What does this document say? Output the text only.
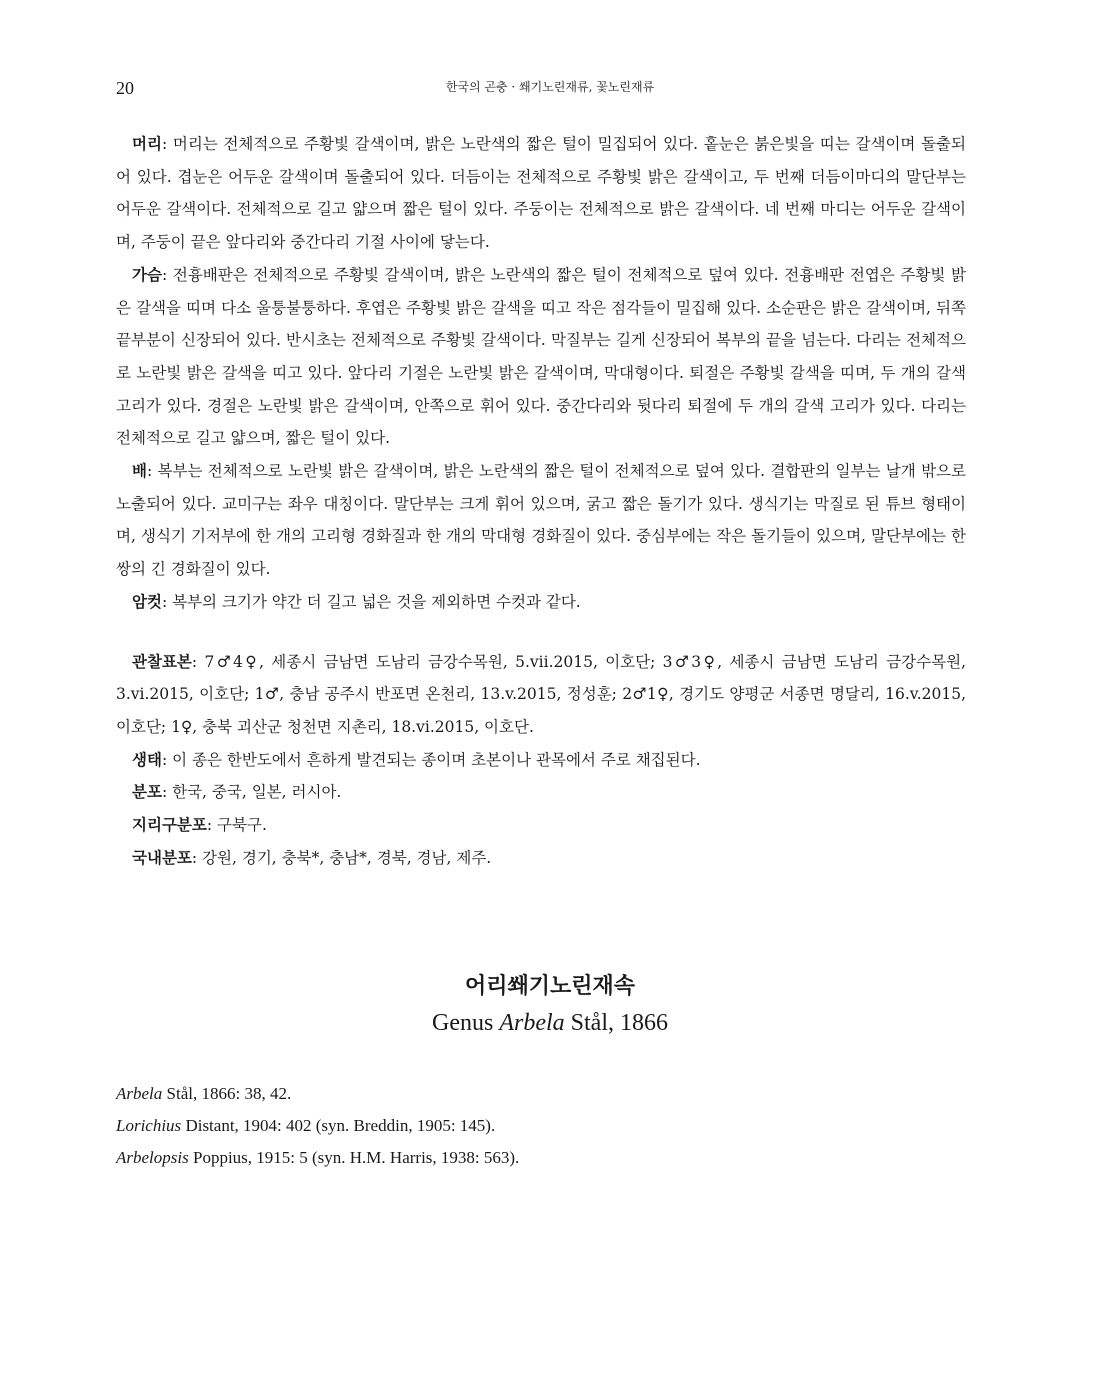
20	한국의 곤충 · 쐐기노린재류, 꽃노린재류

머리: 머리는 전체적으로 주황빛 갈색이며, 밝은 노란색의 짧은 털이 밀집되어 있다. 홑눈은 붉은빛을 띠는 갈색이며 돌출되어 있다. 겹눈은 어두운 갈색이며 돌출되어 있다. 더듬이는 전체적으로 주황빛 밝은 갈색이고, 두 번째 더듬이마디의 말단부는 어두운 갈색이다. 전체적으로 길고 얇으며 짧은 털이 있다. 주둥이는 전체적으로 밝은 갈색이다. 네 번째 마디는 어두운 갈색이며, 주둥이 끝은 앞다리와 중간다리 기절 사이에 닿는다.

가슴: 전흉배판은 전체적으로 주황빛 갈색이며, 밝은 노란색의 짧은 털이 전체적으로 덮여 있다. 전흉배판 전엽은 주황빛 밝은 갈색을 띠며 다소 울퉁불퉁하다. 후엽은 주황빛 밝은 갈색을 띠고 작은 점각들이 밀집해 있다. 소순판은 밝은 갈색이며, 뒤쪽 끝부분이 신장되어 있다. 반시초는 전체적으로 주황빛 갈색이다. 막질부는 길게 신장되어 복부의 끝을 넘는다. 다리는 전체적으로 노란빛 밝은 갈색을 띠고 있다. 앞다리 기절은 노란빛 밝은 갈색이며, 막대형이다. 퇴절은 주황빛 갈색을 띠며, 두 개의 갈색 고리가 있다. 경절은 노란빛 밝은 갈색이며, 안쪽으로 휘어 있다. 중간다리와 뒷다리 퇴절에 두 개의 갈색 고리가 있다. 다리는 전체적으로 길고 얇으며, 짧은 털이 있다.

배: 복부는 전체적으로 노란빛 밝은 갈색이며, 밝은 노란색의 짧은 털이 전체적으로 덮여 있다. 결합판의 일부는 날개 밖으로 노출되어 있다. 교미구는 좌우 대칭이다. 말단부는 크게 휘어 있으며, 굵고 짧은 돌기가 있다. 생식기는 막질로 된 튜브 형태이며, 생식기 기저부에 한 개의 고리형 경화질과 한 개의 막대형 경화질이 있다. 중심부에는 작은 돌기들이 있으며, 말단부에는 한 쌍의 긴 경화질이 있다.

암컷: 복부의 크기가 약간 더 길고 넓은 것을 제외하면 수컷과 같다.

관찰표본: 7♂4♀, 세종시 금남면 도남리 금강수목원, 5.vii.2015, 이호단; 3♂3♀, 세종시 금남면 도남리 금강수목원, 3.vi.2015, 이호단; 1♂, 충남 공주시 반포면 온천리, 13.v.2015, 정성훈; 2♂1♀, 경기도 양평군 서종면 명달리, 16.v.2015, 이호단; 1♀, 충북 괴산군 청천면 지촌리, 18.vi.2015, 이호단.

생태: 이 종은 한반도에서 흔하게 발견되는 종이며 초본이나 관목에서 주로 채집된다.

분포: 한국, 중국, 일본, 러시아.

지리구분포: 구북구.

국내분포: 강원, 경기, 충북*, 충남*, 경북, 경남, 제주.

어리쐐기노린재속
Genus Arbela Stål, 1866

Arbela Stål, 1866: 38, 42.

Lorichius Distant, 1904: 402 (syn. Breddin, 1905: 145).

Arbelopsis Poppius, 1915: 5 (syn. H.M. Harris, 1938: 563).
